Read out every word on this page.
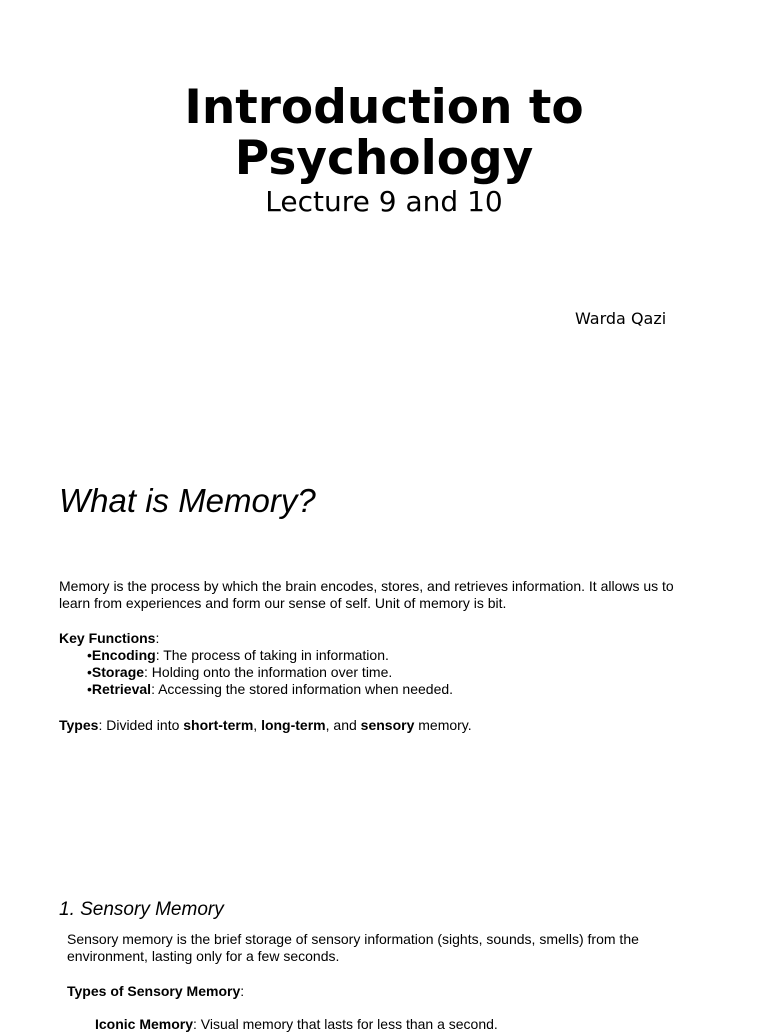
Introduction to
Psychology
Lecture 9 and 10
Warda Qazi
What is Memory?
Memory is the process by which the brain encodes, stores, and retrieves information. It allows us to
learn from experiences and form our sense of self. Unit of memory is bit.
Key Functions:
•Encoding: The process of taking in information.
•Storage: Holding onto the information over time.
•Retrieval: Accessing the stored information when needed.
Types: Divided into short-term, long-term, and sensory memory.
1. Sensory Memory
Sensory memory is the brief storage of sensory information (sights, sounds, smells) from the
environment, lasting only for a few seconds.
Types of Sensory Memory:
Iconic Memory: Visual memory that lasts for less than a second.
